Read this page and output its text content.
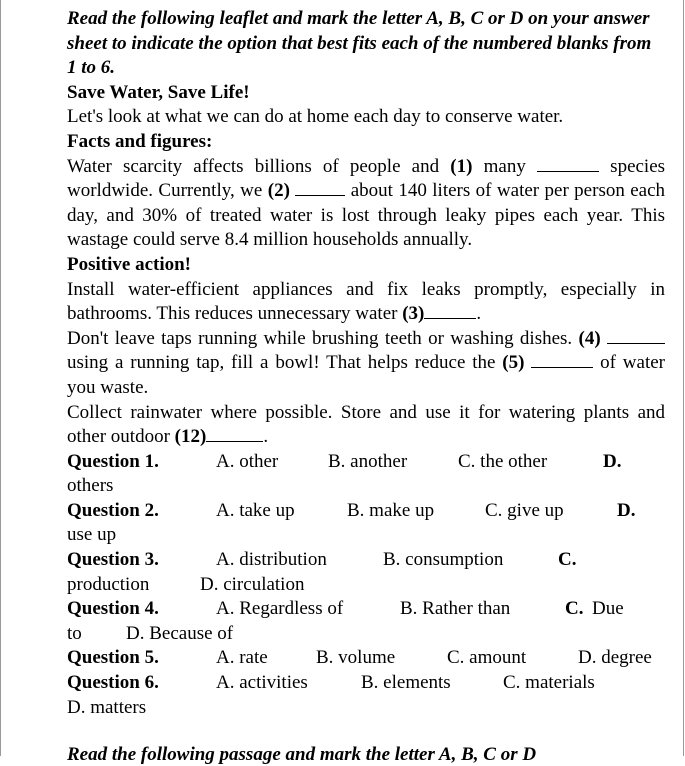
Read the following leaflet and mark the letter A, B, C or D on your answer sheet to indicate the option that best fits each of the numbered blanks from 1 to 6.
Save Water, Save Life!
Let's look at what we can do at home each day to conserve water.
Facts and figures:
Water scarcity affects billions of people and (1) many	species worldwide. Currently, we (2)	about 140 liters of water per person each day, and 30% of treated water is lost through leaky pipes each year. This wastage could serve 8.4 million households annually.
Positive action!
Install water-efficient appliances and fix leaks promptly, especially in bathrooms. This reduces unnecessary water (3)	.
Don't leave taps running while brushing teeth or washing dishes. (4)  using a running tap, fill a bowl! That helps reduce the (5)	of water you waste.
Collect rainwater where possible. Store and use it for watering plants and other outdoor (12)	.
Question 1.	A. other	B. another	C. the other	D.
others
Question 2.	A. take up	B. make up	C. give up	D.
use up
Question 3.	A. distribution	B. consumption	C.
production	D. circulation
Question 4.	A. Regardless of	B. Rather than	C. Due
to D. Because of
Question 5.	A. rate	B. volume	C. amount	D. degree
Question 6.	A. activities	B. elements	C. materials
D. matters
Read the following passage and mark the letter A, B, C or D
